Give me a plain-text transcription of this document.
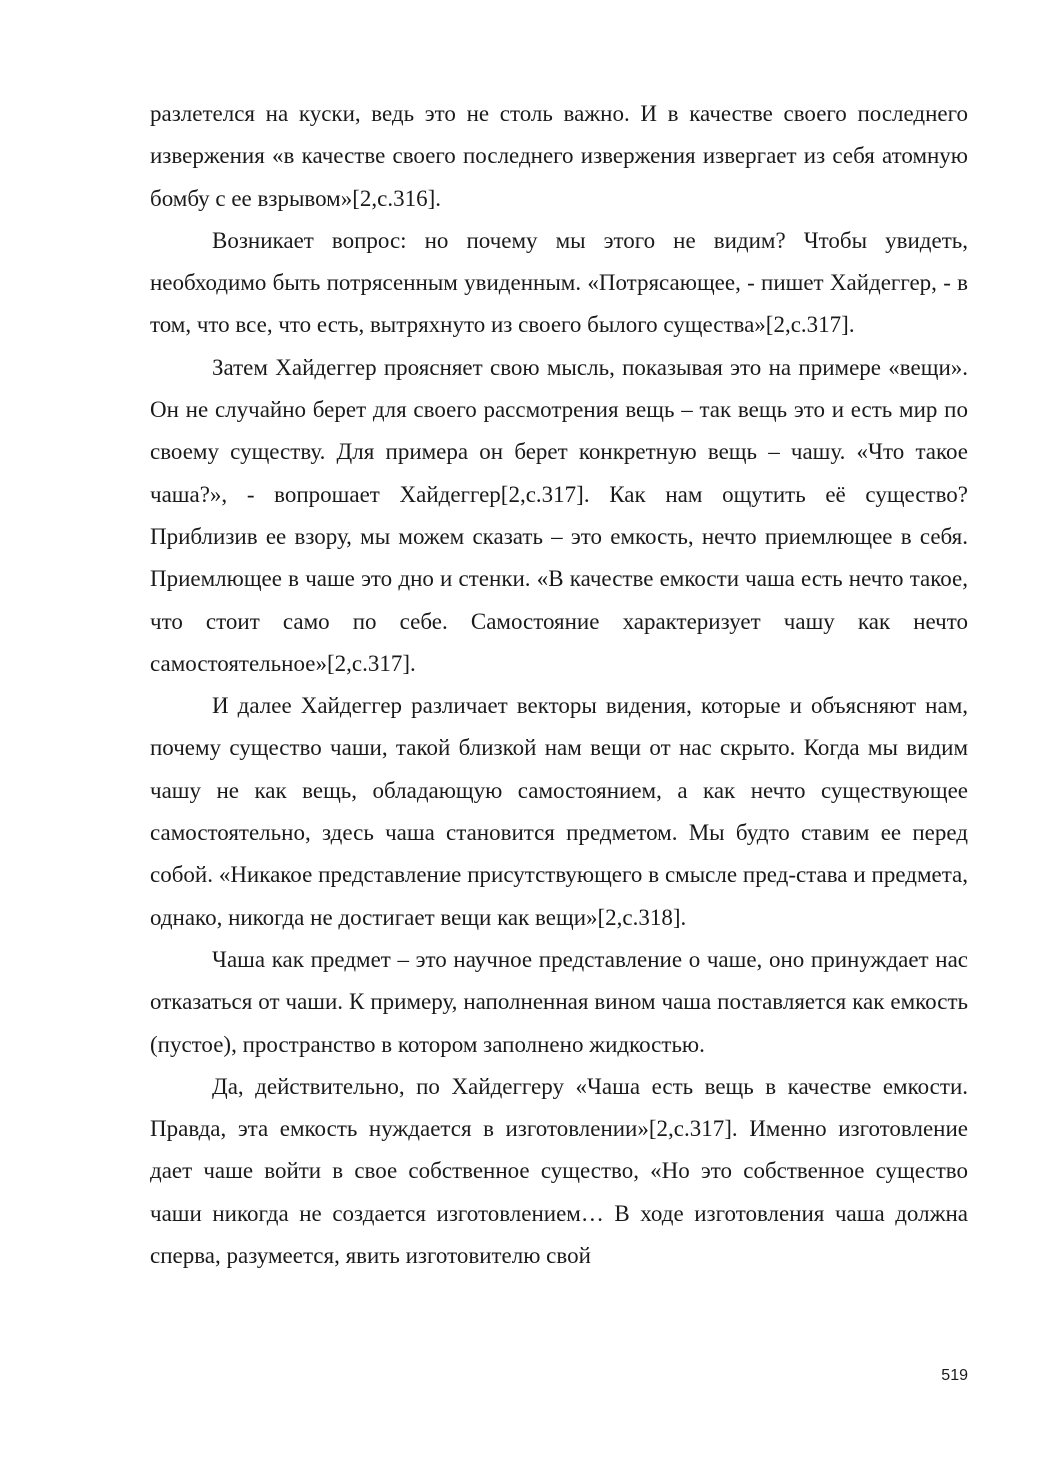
разлетелся на куски, ведь это не столь важно. И в качестве своего последнего извержения «в качестве своего последнего извержения извергает из себя атомную бомбу с ее взрывом»[2,с.316].

Возникает вопрос: но почему мы этого не видим? Чтобы увидеть, необходимо быть потрясенным увиденным. «Потрясающее, - пишет Хайдеггер, - в том, что все, что есть, вытряхнуто из своего былого существа»[2,с.317].

Затем Хайдеггер проясняет свою мысль, показывая это на примере «вещи». Он не случайно берет для своего рассмотрения вещь – так вещь это и есть мир по своему существу. Для примера он берет конкретную вещь – чашу. «Что такое чаша?», - вопрошает Хайдеггер[2,с.317]. Как нам ощутить её существо? Приблизив ее взору, мы можем сказать – это емкость, нечто приемлющее в себя. Приемлющее в чаше это дно и стенки. «В качестве емкости чаша есть нечто такое, что стоит само по себе. Самостояние характеризует чашу как нечто самостоятельное»[2,с.317].

И далее Хайдеггер различает векторы видения, которые и объясняют нам, почему существо чаши, такой близкой нам вещи от нас скрыто. Когда мы видим чашу не как вещь, обладающую самостоянием, а как нечто существующее самостоятельно, здесь чаша становится предметом. Мы будто ставим ее перед собой. «Никакое представление присутствующего в смысле пред-става и предмета, однако, никогда не достигает вещи как вещи»[2,с.318].

Чаша как предмет – это научное представление о чаше, оно принуждает нас отказаться от чаши. К примеру, наполненная вином чаша поставляется как емкость (пустое), пространство в котором заполнено жидкостью.

Да, действительно, по Хайдеггеру «Чаша есть вещь в качестве емкости. Правда, эта емкость нуждается в изготовлении»[2,с.317]. Именно изготовление дает чаше войти в свое собственное существо, «Но это собственное существо чаши никогда не создается изготовлением… В ходе изготовления чаша должна сперва, разумеется, явить изготовителю свой

519
